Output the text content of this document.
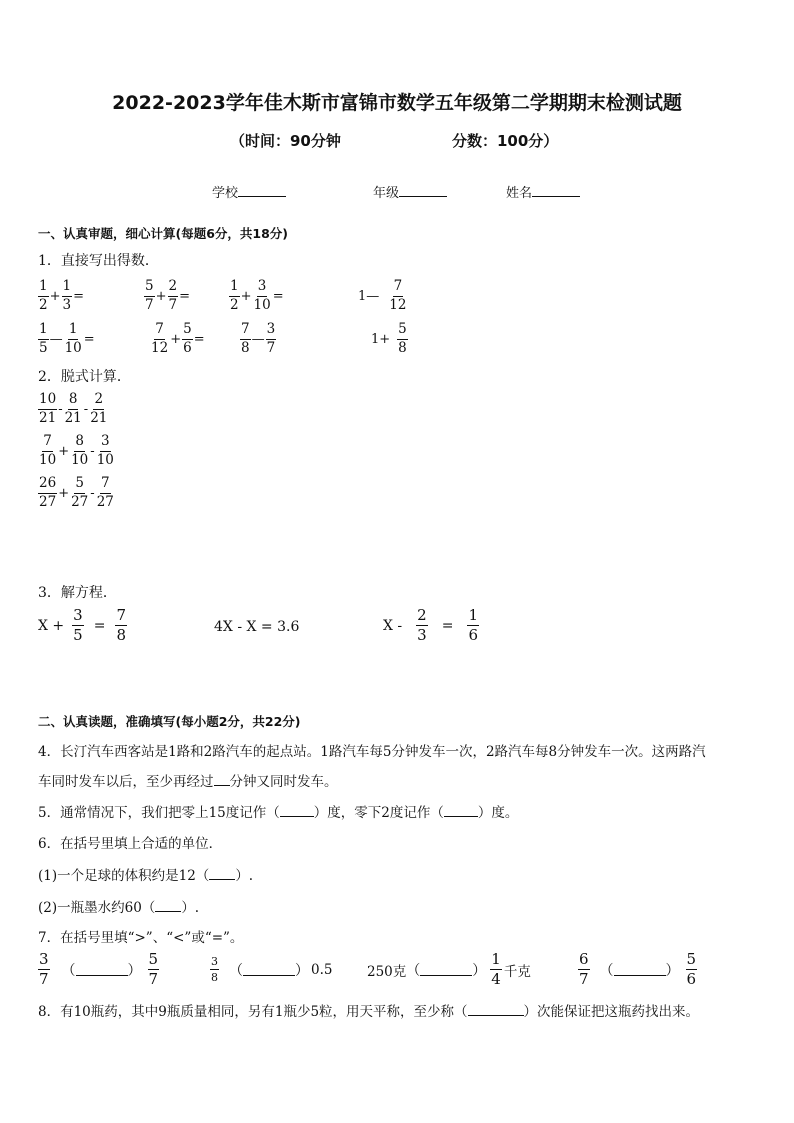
2022-2023学年佳木斯市富锦市数学五年级第二学期期末检测试题
（时间：90分钟	分数：100分）
学校	年级	姓名
一、认真审题，细心计算(每题6分，共18分)
1．直接写出得数．
$\frac{1}{2} + \frac{1}{3}$ =	$\frac{5}{7} + \frac{2}{7}$ =	$\frac{1}{2} + \frac{3}{10}$ =	1— $\frac{7}{12}$
$\frac{1}{5}$ — $\frac{1}{10}$ =	$\frac{7}{12} + \frac{5}{6}$ =	$\frac{7}{8}$ — $\frac{3}{7}$	$1+ \frac{5}{8}$
2．脱式计算．
$\frac{10}{21} - \frac{8}{21} - \frac{2}{21}$
$\frac{7}{10} + \frac{8}{10} - \frac{3}{10}$
$\frac{26}{27} + \frac{5}{27} - \frac{7}{27}$
3．解方程．
$X + \frac{3}{5} = \frac{7}{8}$	4X - X = 3.6	$X - \frac{2}{3} = \frac{1}{6}$
二、认真读题，准确填写(每小题2分，共22分)
4．长汀汽车西客站是1路和2路汽车的起点站。1路汽车每5分钟发车一次，2路汽车每8分钟发车一次。这两路汽
车同时发车以后，至少再经过 分钟又同时发车。
5．通常情况下，我们把零上15度记作（	）度，零下2度记作（	）度。
6．在括号里填上合适的单位．
(1)一个足球的体积约是12（ ）.
(2)一瓶墨水约60（ ）.
7．在括号里填“>”、“<”或“=”。
$\frac{3}{7}$ （	） $\frac{5}{7}$	$\frac{3}{8}$ （	） 0.5	250克 （	） $\frac{1}{4}$ 千克	$\frac{6}{7}$ （	） $\frac{5}{6}$
8．有10瓶药，其中9瓶质量相同，另有1瓶少5粒，用天平称，至少称（	）次能保证把这瓶药找出来。
